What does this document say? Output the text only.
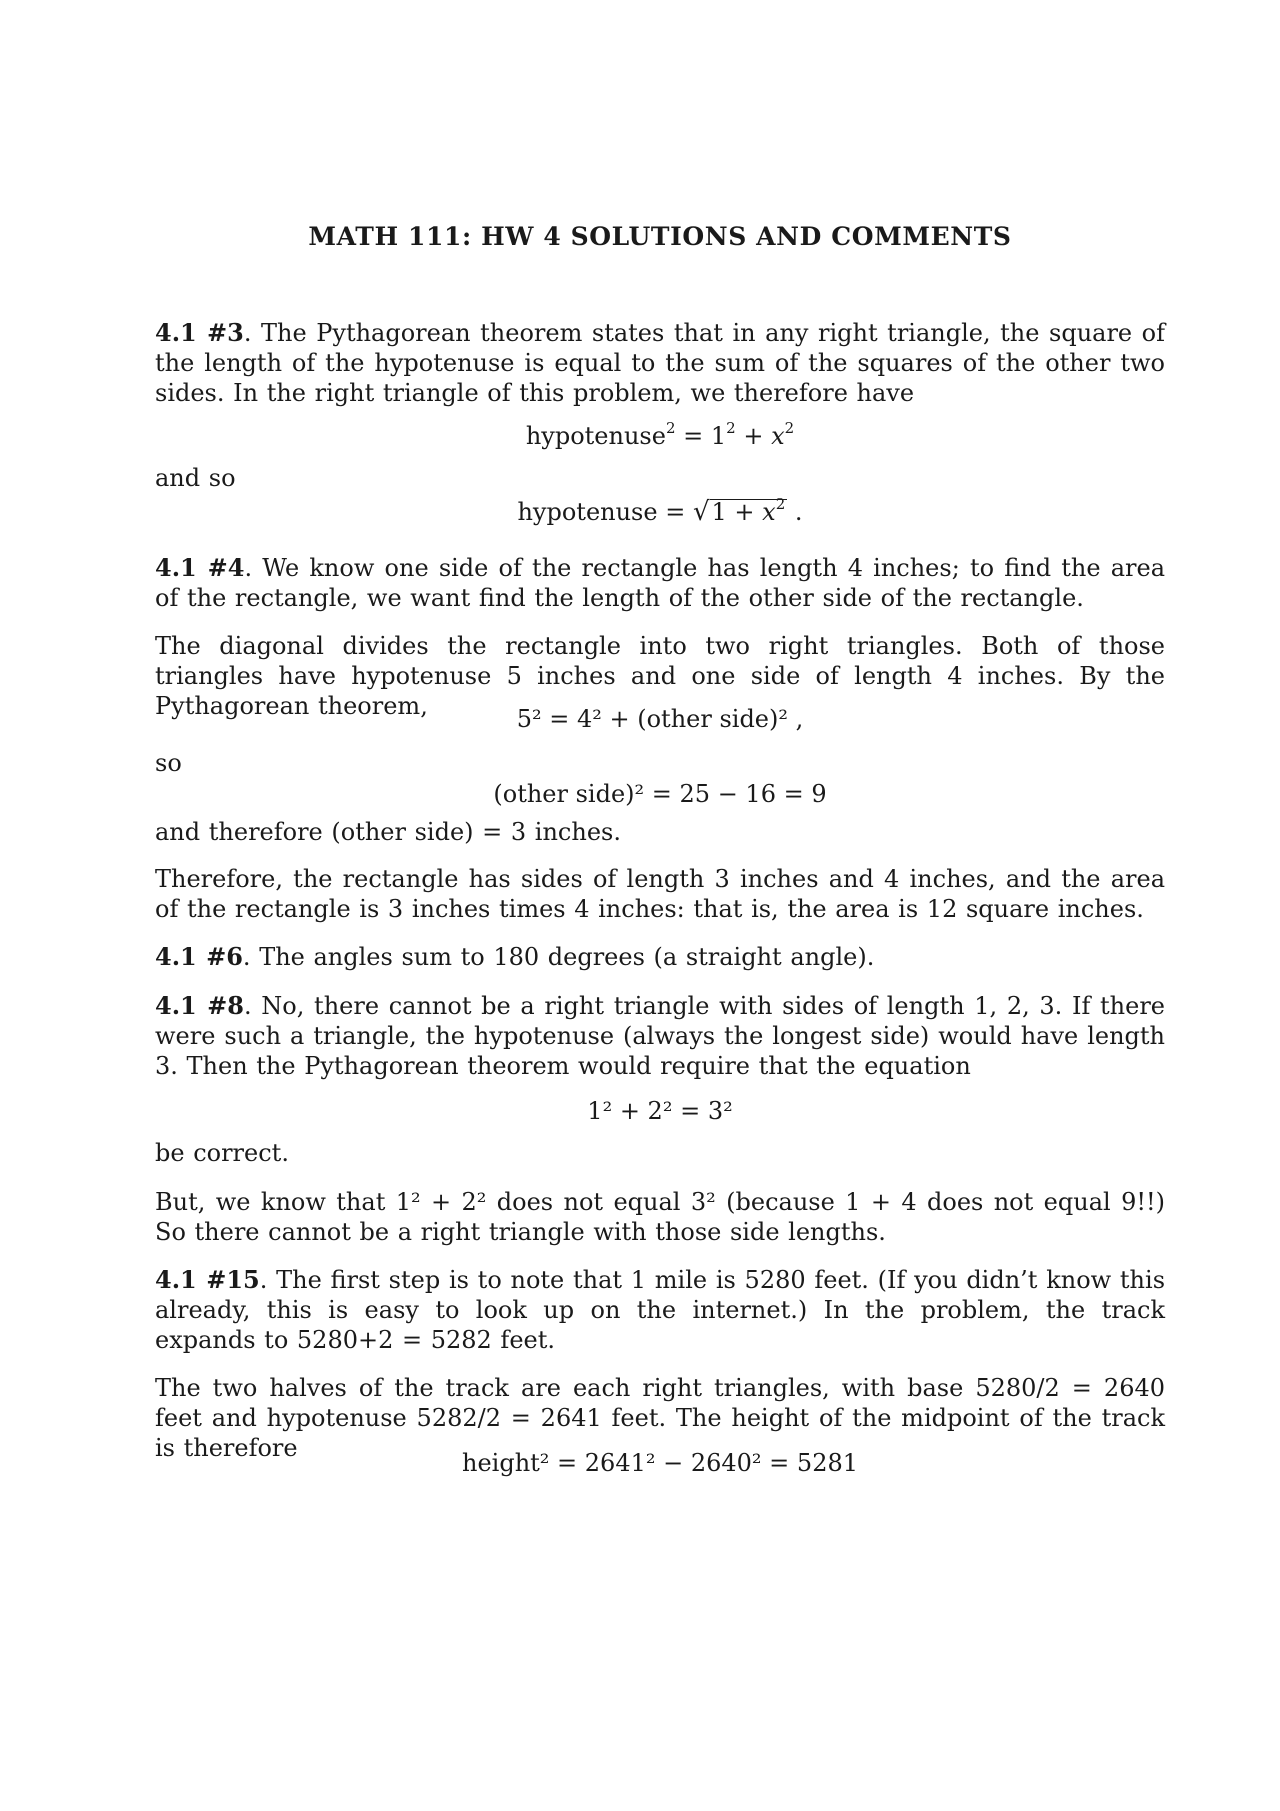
MATH 111: HW 4 SOLUTIONS AND COMMENTS

4.1 #3. The Pythagorean theorem states that in any right triangle, the square of the length of the hypotenuse is equal to the sum of the squares of the other two sides. In the right triangle of this problem, we therefore have

hypotenuse$^2$ = $1^2 + x^2$

and so

hypotenuse = $√1 + x^2$ .

4.1 #4. We know one side of the rectangle has length 4 inches; to find the area of the rectangle, we want find the length of the other side of the rectangle.

The diagonal divides the rectangle into two right triangles. Both of those triangles have hypotenuse 5 inches and one side of length 4 inches. By the Pythagorean theorem,	5² = 4² + (other side)² ,

so

(other side)² = 25 − 16 = 9

and therefore (other side) = 3 inches.

Therefore, the rectangle has sides of length 3 inches and 4 inches, and the area of the rectangle is 3 inches times 4 inches: that is, the area is 12 square inches.

4.1 #6. The angles sum to 180 degrees (a straight angle).

4.1 #8. No, there cannot be a right triangle with sides of length 1, 2, 3. If there were such a triangle, the hypotenuse (always the longest side) would have length 3. Then the Pythagorean theorem would require that the equation

1² + 2² = 3²

be correct.

But, we know that 1² + 2² does not equal 3² (because 1 + 4 does not equal 9!!) So there cannot be a right triangle with those side lengths.

4.1 #15. The first step is to note that 1 mile is 5280 feet. (If you didn’t know this already, this is easy to look up on the internet.) In the problem, the track expands to 5280+2 = 5282 feet.

The two halves of the track are each right triangles, with base 5280/2 = 2640 feet and hypotenuse 5282/2 = 2641 feet. The height of the midpoint of the track is therefore

height² = 2641² − 2640² = 5281
